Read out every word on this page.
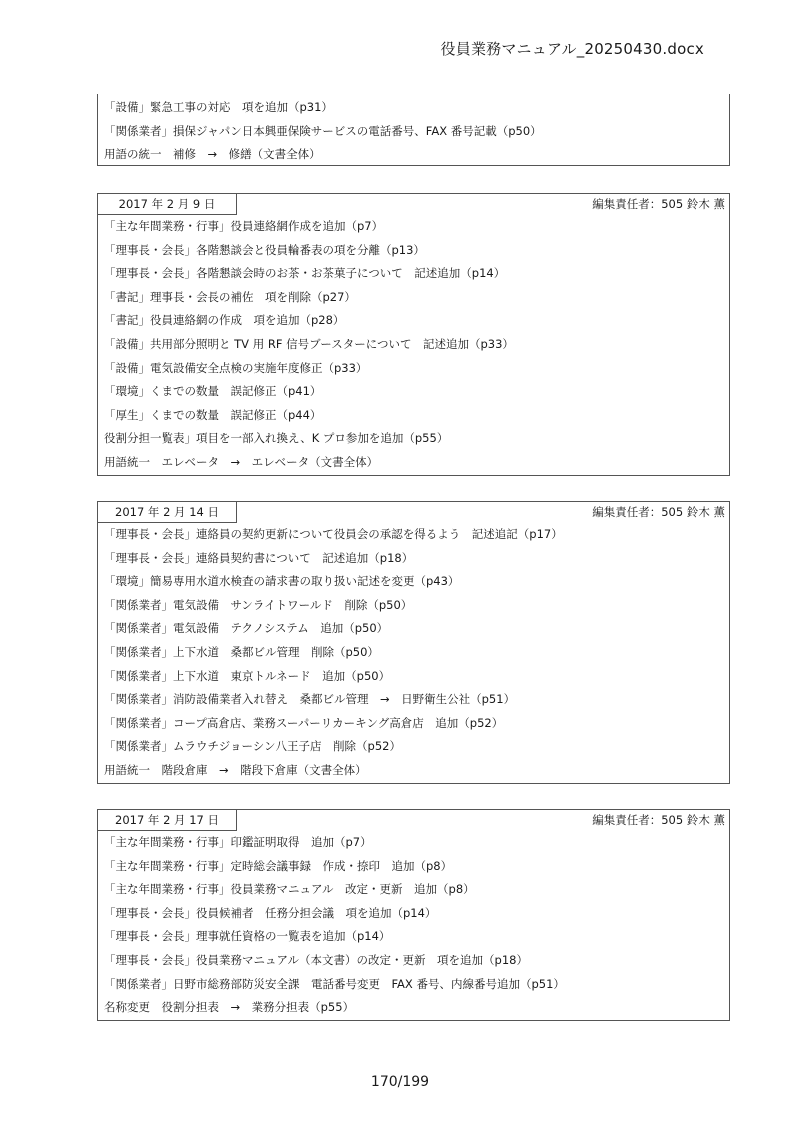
役員業務マニュアル_20250430.docx
「設備」緊急工事の対応　項を追加（p31）
「関係業者」損保ジャパン日本興亜保険サービスの電話番号、FAX 番号記載（p50）
用語の統一　補修　→　修繕（文書全体）
2017 年 2 月 9 日	編集責任者：505 鈴木 薫
「主な年間業務・行事」役員連絡網作成を追加（p7）
「理事長・会長」各階懇談会と役員輪番表の項を分離（p13）
「理事長・会長」各階懇談会時のお茶・お茶菓子について　記述追加（p14）
「書記」理事長・会長の補佐　項を削除（p27）
「書記」役員連絡網の作成　項を追加（p28）
「設備」共用部分照明と TV 用 RF 信号ブースターについて　記述追加（p33）
「設備」電気設備安全点検の実施年度修正（p33）
「環境」くまでの数量　誤記修正（p41）
「厚生」くまでの数量　誤記修正（p44）
役割分担一覧表」項目を一部入れ換え、K プロ参加を追加（p55）
用語統一　エレベータ　→　エレベータ（文書全体）
2017 年 2 月 14 日	編集責任者：505 鈴木 薫
「理事長・会長」連絡員の契約更新について役員会の承認を得るよう　記述追記（p17）
「理事長・会長」連絡員契約書について　記述追加（p18）
「環境」簡易専用水道水検査の請求書の取り扱い記述を変更（p43）
「関係業者」電気設備　サンライトワールド　削除（p50）
「関係業者」電気設備　テクノシステム　追加（p50）
「関係業者」上下水道　桑都ビル管理　削除（p50）
「関係業者」上下水道　東京トルネード　追加（p50）
「関係業者」消防設備業者入れ替え　桑都ビル管理　→　日野衛生公社（p51）
「関係業者」コープ高倉店、業務スーパーリカーキング高倉店　追加（p52）
「関係業者」ムラウチジョーシン八王子店　削除（p52）
用語統一　階段倉庫　→　階段下倉庫（文書全体）
2017 年 2 月 17 日	編集責任者：505 鈴木 薫
「主な年間業務・行事」印鑑証明取得　追加（p7）
「主な年間業務・行事」定時総会議事録　作成・捺印　追加（p8）
「主な年間業務・行事」役員業務マニュアル　改定・更新　追加（p8）
「理事長・会長」役員候補者　任務分担会議　項を追加（p14）
「理事長・会長」理事就任資格の一覧表を追加（p14）
「理事長・会長」役員業務マニュアル（本文書）の改定・更新　項を追加（p18）
「関係業者」日野市総務部防災安全課　電話番号変更　FAX 番号、内線番号追加（p51）
名称変更　役割分担表　→　業務分担表（p55）
170/199
